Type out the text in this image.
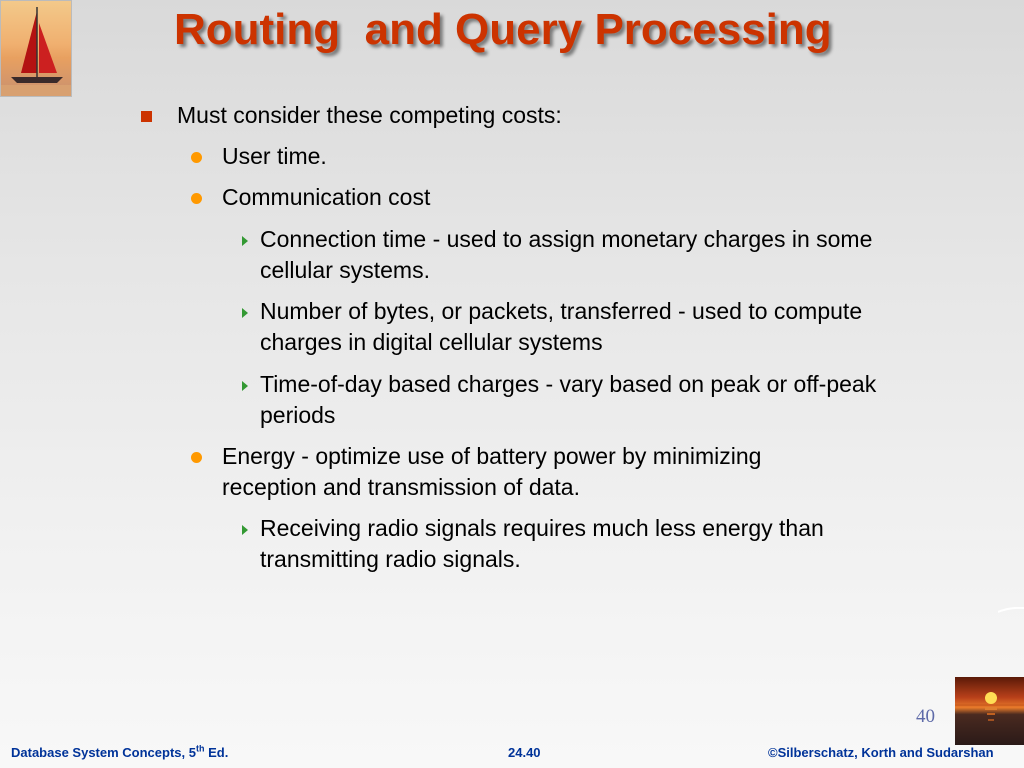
Routing  and Query Processing
Must consider these competing costs:
User time.
Communication cost
Connection time - used to assign monetary charges in some cellular systems.
Number of bytes, or packets, transferred - used to compute charges in digital cellular systems
Time-of-day based charges - vary based on peak or off-peak periods
Energy - optimize use of battery power by minimizing reception and transmission of data.
Receiving radio signals requires much less energy than transmitting radio signals.
40
Database System Concepts, 5th Ed.	24.40	©Silberschatz, Korth and Sudarshan
